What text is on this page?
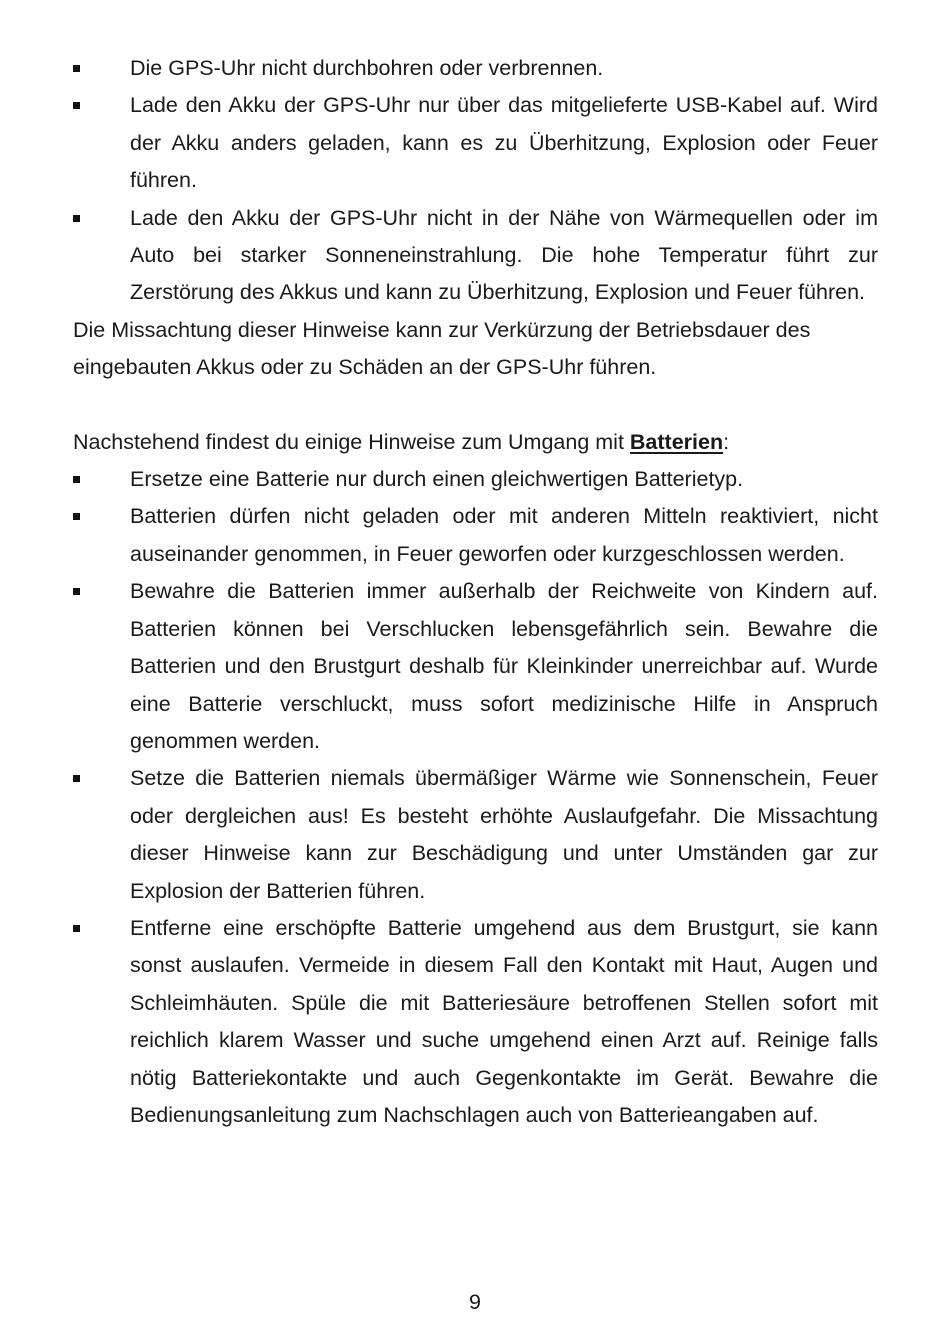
Die GPS-Uhr nicht durchbohren oder verbrennen.
Lade den Akku der GPS-Uhr nur über das mitgelieferte USB-Kabel auf. Wird der Akku anders geladen, kann es zu Überhitzung, Explosion oder Feuer führen.
Lade den Akku der GPS-Uhr nicht in der Nähe von Wärmequellen oder im Auto bei starker Sonneneinstrahlung. Die hohe Temperatur führt zur Zerstörung des Akkus und kann zu Überhitzung, Explosion und Feuer führen.

Die Missachtung dieser Hinweise kann zur Verkürzung der Betriebsdauer des eingebauten Akkus oder zu Schäden an der GPS-Uhr führen.

Nachstehend findest du einige Hinweise zum Umgang mit Batterien:

Ersetze eine Batterie nur durch einen gleichwertigen Batterietyp.
Batterien dürfen nicht geladen oder mit anderen Mitteln reaktiviert, nicht auseinander genommen, in Feuer geworfen oder kurzgeschlossen werden.
Bewahre die Batterien immer außerhalb der Reichweite von Kindern auf. Batterien können bei Verschlucken lebensgefährlich sein. Bewahre die Batterien und den Brustgurt deshalb für Kleinkinder unerreichbar auf. Wurde eine Batterie verschluckt, muss sofort medizinische Hilfe in Anspruch genommen werden.
Setze die Batterien niemals übermäßiger Wärme wie Sonnenschein, Feuer oder dergleichen aus! Es besteht erhöhte Auslaufgefahr. Die Missachtung dieser Hinweise kann zur Beschädigung und unter Umständen gar zur Explosion der Batterien führen.
Entferne eine erschöpfte Batterie umgehend aus dem Brustgurt, sie kann sonst auslaufen. Vermeide in diesem Fall den Kontakt mit Haut, Augen und Schleimhäuten. Spüle die mit Batteriesäure betroffenen Stellen sofort mit reichlich klarem Wasser und suche umgehend einen Arzt auf. Reinige falls nötig Batteriekontakte und auch Gegenkontakte im Gerät. Bewahre die Bedienungsanleitung zum Nachschlagen auch von Batterieangaben auf.
9
